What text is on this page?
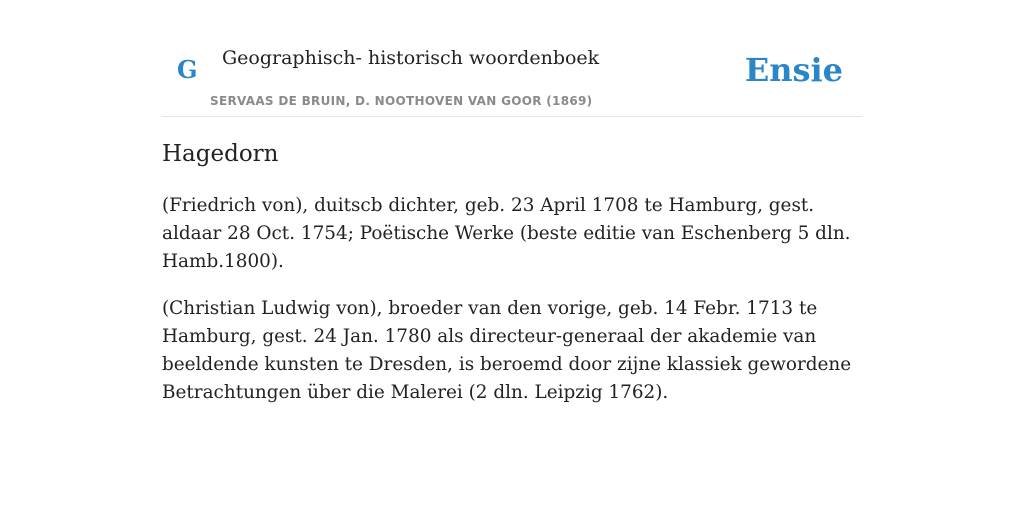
G Geographisch- historisch woordenboek
SERVAAS DE BRUIN, D. NOOTHOVEN VAN GOOR (1869)
Ensie
Hagedorn

(Friedrich von), duitscb dichter, geb. 23 April 1708 te Hamburg, gest. aldaar 28 Oct. 1754; Poëtische Werke (beste editie van Eschenberg 5 dln. Hamb.1800).

(Christian Ludwig von), broeder van den vorige, geb. 14 Febr. 1713 te Hamburg, gest. 24 Jan. 1780 als directeur-generaal der akademie van beeldende kunsten te Dresden, is beroemd door zijne klassiek gewordene Betrachtungen über die Malerei (2 dln. Leipzig 1762).
